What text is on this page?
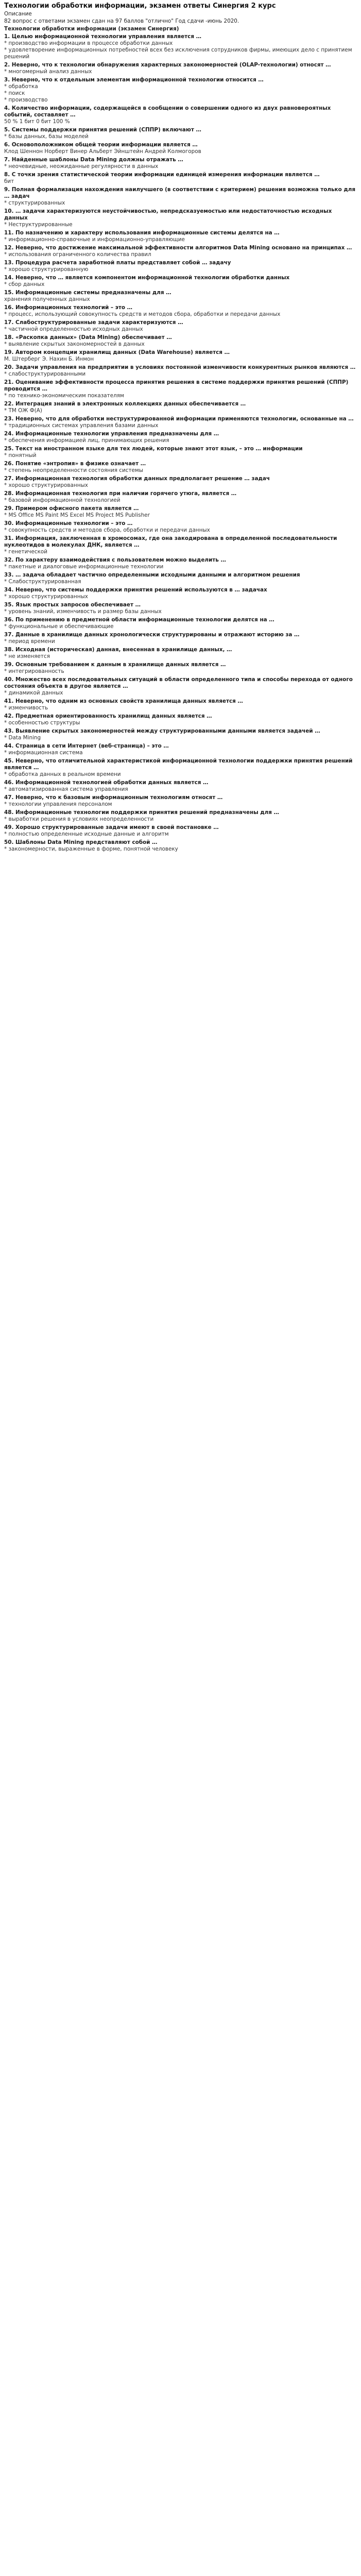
Технологии обработки информации, экзамен ответы Синергия 2 курс
Описание
82 вопрос с ответами экзамен сдан на 97 баллов "отлично" Год сдачи -июнь 2020.
Технологии обработки информации (экзамен Синергия)
1. Целью информационной технологии управления является …
* производство информации в процессе обработки данных
* удовлетворение информационных потребностей всех без исключения сотрудников фирмы, имеющих дело с принятием решений
2. Неверно, что к технологии обнаружения характерных закономерностей (OLAP-технологии) относят …
* многомерный анализ данных
3. Неверно, что к отдельным элементам информационной технологии относится …
* обработка
* поиск
* производство
4. Количество информации, содержащейся в сообщении о совершении одного из двух равновероятных событий, составляет …
50 % 1 бит 0 бит 100 %
5. Системы поддержки принятия решений (СППР) включают …
* базы данных, базы моделей
6. Основоположником общей теории информации является …
Клод Шеннон Норберт Винер Альберт Эйнштейн Андрей Колмогоров
7. Найденные шаблоны Data Mining должны отражать …
* неочевидные, неожиданные регулярности в данных
8. С точки зрения статистической теории информации единицей измерения информации является …
бит
9. Полная формализация нахождения наилучшего (в соответствии с критерием) решения возможна только для … задач
* структурированных
10. … задачи характеризуются неустойчивостью, непредсказуемостью или недостаточностью исходных данных
* Неструктурированные
11. По назначению и характеру использования информационные системы делятся на …
* информационно-справочные и информационно-управляющие
12. Неверно, что достижение максимальной эффективности алгоритмов Data Mining основано на принципах …
* использования ограниченного количества правил
13. Процедура расчета заработной платы представляет собой … задачу
* хорошо структурированную
14. Неверно, что … является компонентом информационной технологии обработки данных
* сбор данных
15. Информационные системы предназначены для …
хранения полученных данных
16. Информационных технологий – это …
* процесс, использующий совокупность средств и методов сбора, обработки и передачи данных
17. Слабоструктурированные задачи характеризуются …
* частичной определенностью исходных данных
18. «Раскопка данных» (Data Mining) обеспечивает …
* выявление скрытых закономерностей в данных
19. Автором концепции хранилищ данных (Data Warehouse) является …
М. Штерберг Э. Нахин Б. Инмон
20. Задачи управления на предприятии в условиях постоянной изменчивости конкурентных рынков являются …
* слабоструктурированными
21. Оценивание эффективности процесса принятия решения в системе поддержки принятия решений (СППР) проводится …
* по технико-экономическим показателям
22. Интеграция знаний в электронных коллекциях данных обеспечивается …
* ТМ ОЖ Ф(А)
23. Неверно, что для обработки неструктурированной информации применяются технологии, основанные на …
* традиционных системах управления базами данных
24. Информационные технологии управления предназначены для …
* обеспечения информацией лиц, принимающих решения
25. Текст на иностранном языке для тех людей, которые знают этот язык, – это … информации
* понятный
26. Понятие «энтропия» в физике означает …
* степень неопределенности состояния системы
27. Информационная технология обработки данных предполагает решение … задач
* хорошо структурированных
28. Информационная технология при наличии горячего утюга, является …
* базовой информационной технологией
29. Примером офисного пакета является …
* MS Office MS Paint MS Excel MS Project MS Publisher
30. Информационные технологии – это …
* совокупность средств и методов сбора, обработки и передачи данных
31. Информация, заключенная в хромосомах, где она закодирована в определенной последовательности нуклеотидов в молекулах ДНК, является …
* генетической
32. По характеру взаимодействия с пользователем можно выделить …
* пакетные и диалоговые информационные технологии
33. … задача обладает частично определенными исходными данными и алгоритмом решения
* Слабоструктурированная
34. Неверно, что системы поддержки принятия решений используются в … задачах
* хорошо структурированных
35. Язык простых запросов обеспечивает …
* уровень знаний, изменчивость и размер базы данных
36. По применению в предметной области информационные технологии делятся на …
* функциональные и обеспечивающие
37. Данные в хранилище данных хронологически структурированы и отражают историю за …
* период времени
38. Исходная (историческая) данная, внесенная в хранилище данных, …
* не изменяется
39. Основным требованием к данным в хранилище данных является …
* интегрированность
40. Множество всех последовательных ситуаций в области определенного типа и способы перехода от одного состояния объекта в другое является …
* динамикой данных
41. Неверно, что одним из основных свойств хранилища данных является …
* изменчивость
42. Предметная ориентированность хранилищ данных является …
* особенностью структуры
43. Выявление скрытых закономерностей между структурированными данными является задачей …
* Data Mining
44. Страница в сети Интернет (веб-страница) – это …
* информационная система
45. Неверно, что отличительной характеристикой информационной технологии поддержки принятия решений является …
* обработка данных в реальном времени
46. Информационной технологией обработки данных является …
* автоматизированная система управления
47. Неверно, что к базовым информационным технологиям относят …
* технологии управления персоналом
48. Информационные технологии поддержки принятия решений предназначены для …
* выработки решения в условиях неопределенности
49. Хорошо структурированные задачи имеют в своей постановке …
* полностью определенные исходные данные и алгоритм
50. Шаблоны Data Mining представляют собой …
* закономерности, выраженные в форме, понятной человеку
